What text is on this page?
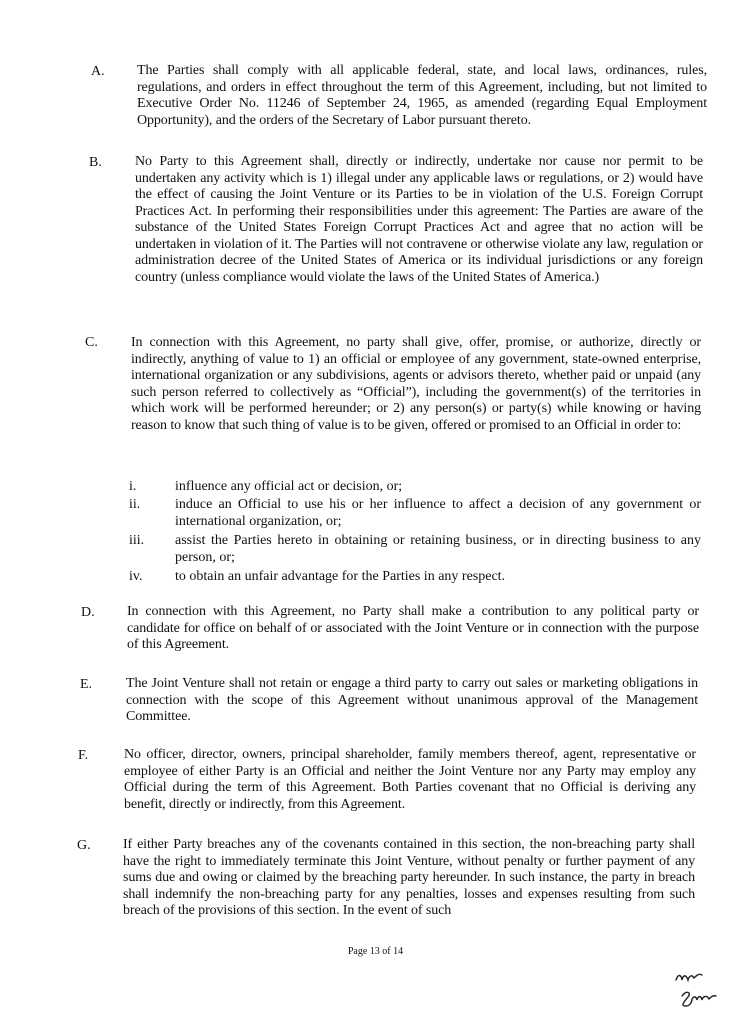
A. The Parties shall comply with all applicable federal, state, and local laws, ordinances, rules, regulations, and orders in effect throughout the term of this Agreement, including, but not limited to Executive Order No. 11246 of September 24, 1965, as amended (regarding Equal Employment Opportunity), and the orders of the Secretary of Labor pursuant thereto.
B. No Party to this Agreement shall, directly or indirectly, undertake nor cause nor permit to be undertaken any activity which is 1) illegal under any applicable laws or regulations, or 2) would have the effect of causing the Joint Venture or its Parties to be in violation of the U.S. Foreign Corrupt Practices Act. In performing their responsibilities under this agreement: The Parties are aware of the substance of the United States Foreign Corrupt Practices Act and agree that no action will be undertaken in violation of it. The Parties will not contravene or otherwise violate any law, regulation or administration decree of the United States of America or its individual jurisdictions or any foreign country (unless compliance would violate the laws of the United States of America.)
C. In connection with this Agreement, no party shall give, offer, promise, or authorize, directly or indirectly, anything of value to 1) an official or employee of any government, state-owned enterprise, international organization or any subdivisions, agents or advisors thereto, whether paid or unpaid (any such person referred to collectively as “Official”), including the government(s) of the territories in which work will be performed hereunder; or 2) any person(s) or party(s) while knowing or having reason to know that such thing of value is to be given, offered or promised to an Official in order to:
i.	influence any official act or decision, or;
ii. induce an Official to use his or her influence to affect a decision of any government or international organization, or;
iii. assist the Parties hereto in obtaining or retaining business, or in directing business to any person, or;
iv. to obtain an unfair advantage for the Parties in any respect.
D. In connection with this Agreement, no Party shall make a contribution to any political party or candidate for office on behalf of or associated with the Joint Venture or in connection with the purpose of this Agreement.
E. The Joint Venture shall not retain or engage a third party to carry out sales or marketing obligations in connection with the scope of this Agreement without unanimous approval of the Management Committee.
F.	No officer, director, owners, principal shareholder, family members thereof, agent, representative or employee of either Party is an Official and neither the Joint Venture nor any Party may employ any Official during the term of this Agreement. Both Parties covenant that no Official is deriving any benefit, directly or indirectly, from this Agreement.
G. If either Party breaches any of the covenants contained in this section, the non-breaching party shall have the right to immediately terminate this Joint Venture, without penalty or further payment of any sums due and owing or claimed by the breaching party hereunder. In such instance, the party in breach shall indemnify the non-breaching party for any penalties, losses and expenses resulting from such breach of the provisions of this section. In the event of such
Page 13 of 14
